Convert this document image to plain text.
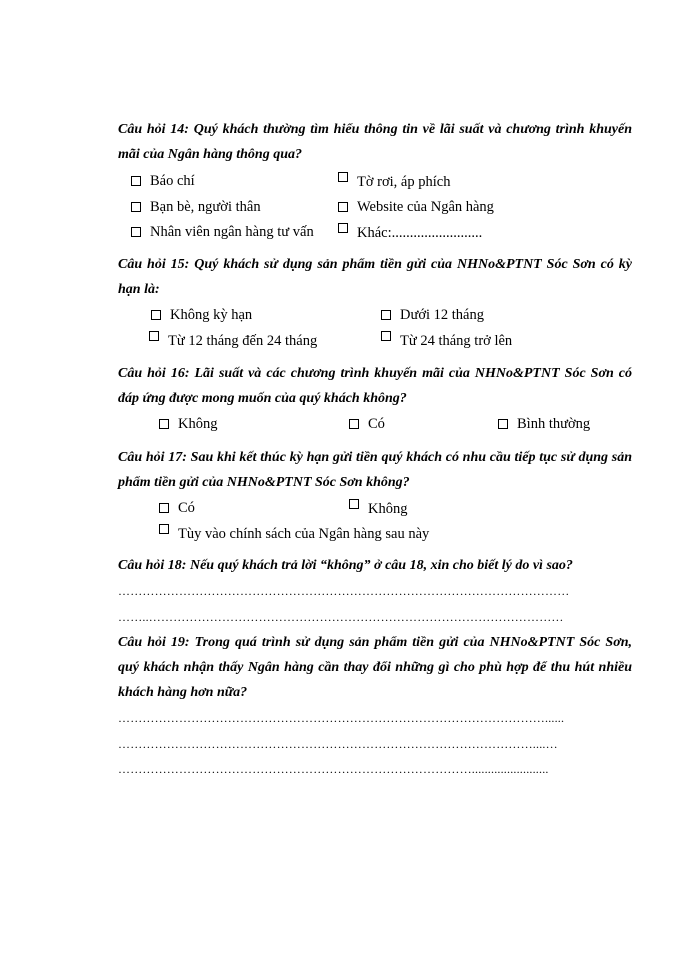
Câu hỏi 14: Quý khách thường tìm hiểu thông tin về lãi suất và chương trình khuyến mãi của Ngân hàng thông qua?

Báo chí	Tờ rơi, áp phích
Bạn bè, người thân	Website của Ngân hàng
Nhân viên ngân hàng tư vấn	Khác:.........................

Câu hỏi 15: Quý khách sử dụng sản phẩm tiền gửi của NHNo&PTNT Sóc Sơn có kỳ hạn là:

Không kỳ hạn	Dưới 12 tháng
Từ 12 tháng đến 24 tháng	Từ 24 tháng trở lên

Câu hỏi 16: Lãi suất và các chương trình khuyến mãi của NHNo&PTNT Sóc Sơn có đáp ứng được mong muốn của quý khách không?

Không	Có	Bình thường

Câu hỏi 17: Sau khi kết thúc kỳ hạn gửi tiền quý khách có nhu cầu tiếp tục sử dụng sản phẩm tiền gửi của NHNo&PTNT Sóc Sơn không?

Có	Không
Tùy vào chính sách của Ngân hàng sau này

Câu hỏi 18: Nếu quý khách trả lời “không” ở câu 18, xin cho biết lý do vì sao?

…………………………………………………………………………………………………
……..…………………………………………………………………………………………

Câu hỏi 19: Trong quá trình sử dụng sản phẩm tiền gửi của NHNo&PTNT Sóc Sơn, quý khách nhận thấy Ngân hàng cần thay đổi những gì cho phù hợp để thu hút nhiều khách hàng hơn nữa?

……………………………………………………………………………………………......
…………………………………………………………………………………………....…
……………………………………………………………………………........................
